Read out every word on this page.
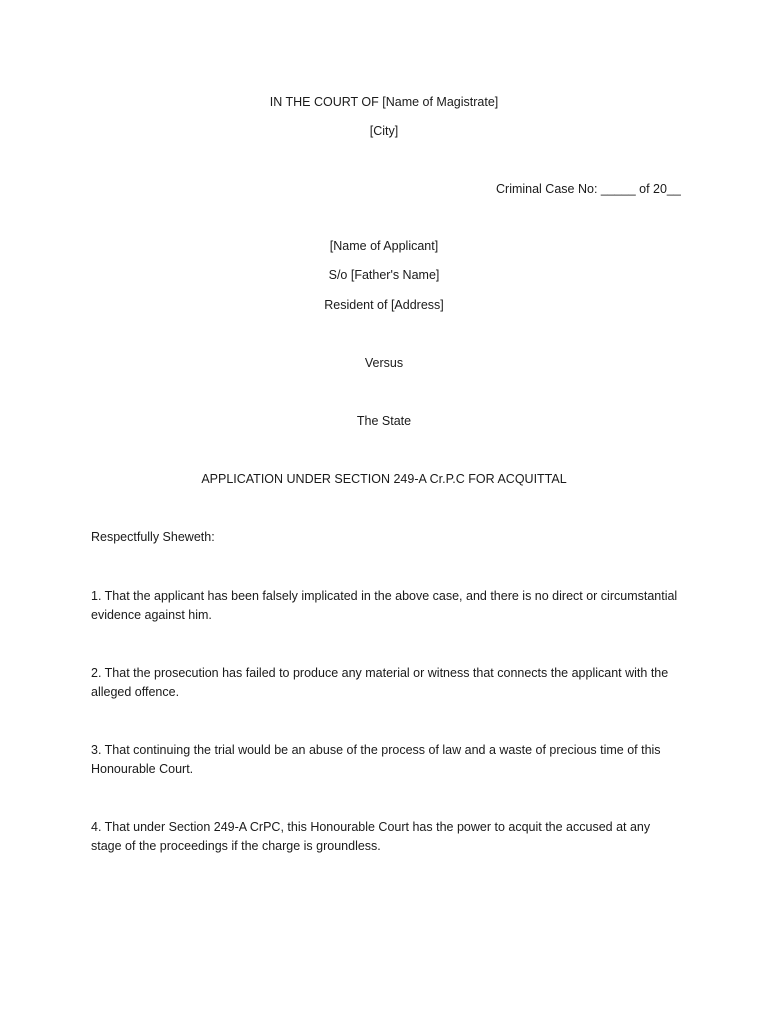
IN THE COURT OF [Name of Magistrate]
[City]
Criminal Case No: _____ of 20__
[Name of Applicant]
S/o [Father's Name]
Resident of [Address]
Versus
The State
APPLICATION UNDER SECTION 249-A Cr.P.C FOR ACQUITTAL
Respectfully Sheweth:
1. That the applicant has been falsely implicated in the above case, and there is no direct or circumstantial evidence against him.
2. That the prosecution has failed to produce any material or witness that connects the applicant with the alleged offence.
3. That continuing the trial would be an abuse of the process of law and a waste of precious time of this Honourable Court.
4. That under Section 249-A CrPC, this Honourable Court has the power to acquit the accused at any stage of the proceedings if the charge is groundless.
